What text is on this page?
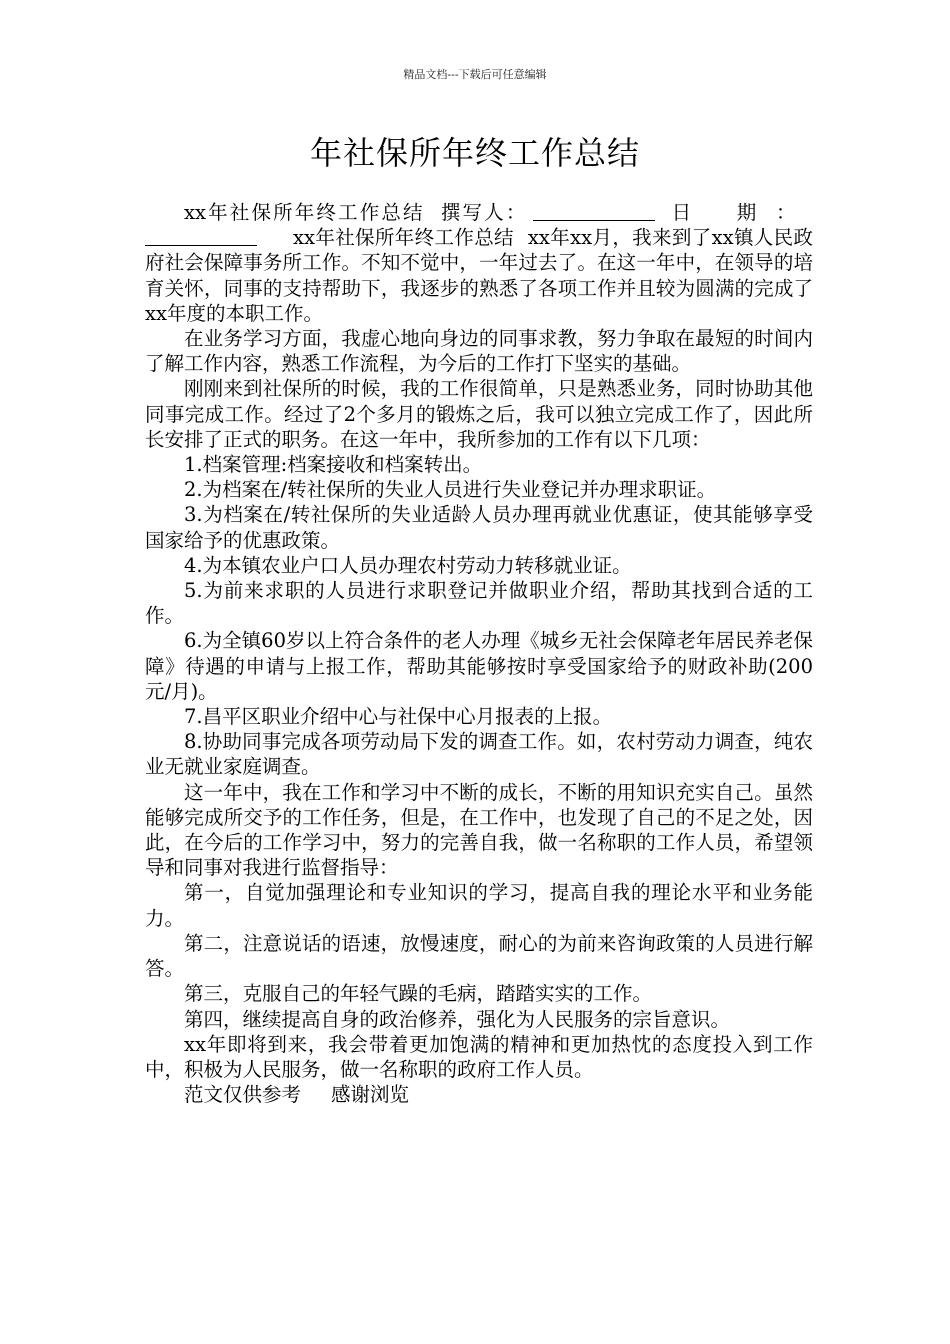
精品文档---下载后可任意编辑
年社保所年终工作总结

xx年社保所年终工作总结 撰写人：	日 期：xx年社保所年终工作总结 xx年xx月，我来到了xx镇人民政府社会保障事务所工作。不知不觉中，一年过去了。在这一年中，在领导的培育关怀，同事的支持帮助下，我逐步的熟悉了各项工作并且较为圆满的完成了xx年度的本职工作。

在业务学习方面，我虚心地向身边的同事求教，努力争取在最短的时间内了解工作内容，熟悉工作流程，为今后的工作打下坚实的基础。

刚刚来到社保所的时候，我的工作很简单，只是熟悉业务，同时协助其他同事完成工作。经过了2个多月的锻炼之后，我可以独立完成工作了，因此所长安排了正式的职务。在这一年中，我所参加的工作有以下几项：

1.档案管理:档案接收和档案转出。

2.为档案在/转社保所的失业人员进行失业登记并办理求职证。

3.为档案在/转社保所的失业适龄人员办理再就业优惠证，使其能够享受国家给予的优惠政策。

4.为本镇农业户口人员办理农村劳动力转移就业证。

5.为前来求职的人员进行求职登记并做职业介绍，帮助其找到合适的工作。

6.为全镇60岁以上符合条件的老人办理《城乡无社会保障老年居民养老保障》待遇的申请与上报工作，帮助其能够按时享受国家给予的财政补助(200元/月)。

7.昌平区职业介绍中心与社保中心月报表的上报。

8.协助同事完成各项劳动局下发的调查工作。如，农村劳动力调查，纯农业无就业家庭调查。

这一年中，我在工作和学习中不断的成长，不断的用知识充实自己。虽然能够完成所交予的工作任务，但是，在工作中，也发现了自己的不足之处，因此，在今后的工作学习中，努力的完善自我，做一名称职的工作人员，希望领导和同事对我进行监督指导：

第一，自觉加强理论和专业知识的学习，提高自我的理论水平和业务能力。

第二，注意说话的语速，放慢速度，耐心的为前来咨询政策的人员进行解答。

第三，克服自己的年轻气躁的毛病，踏踏实实的工作。

第四，继续提高自身的政治修养，强化为人民服务的宗旨意识。

xx年即将到来，我会带着更加饱满的精神和更加热忱的态度投入到工作中，积极为人民服务，做一名称职的政府工作人员。

范文仅供参考 感谢浏览
